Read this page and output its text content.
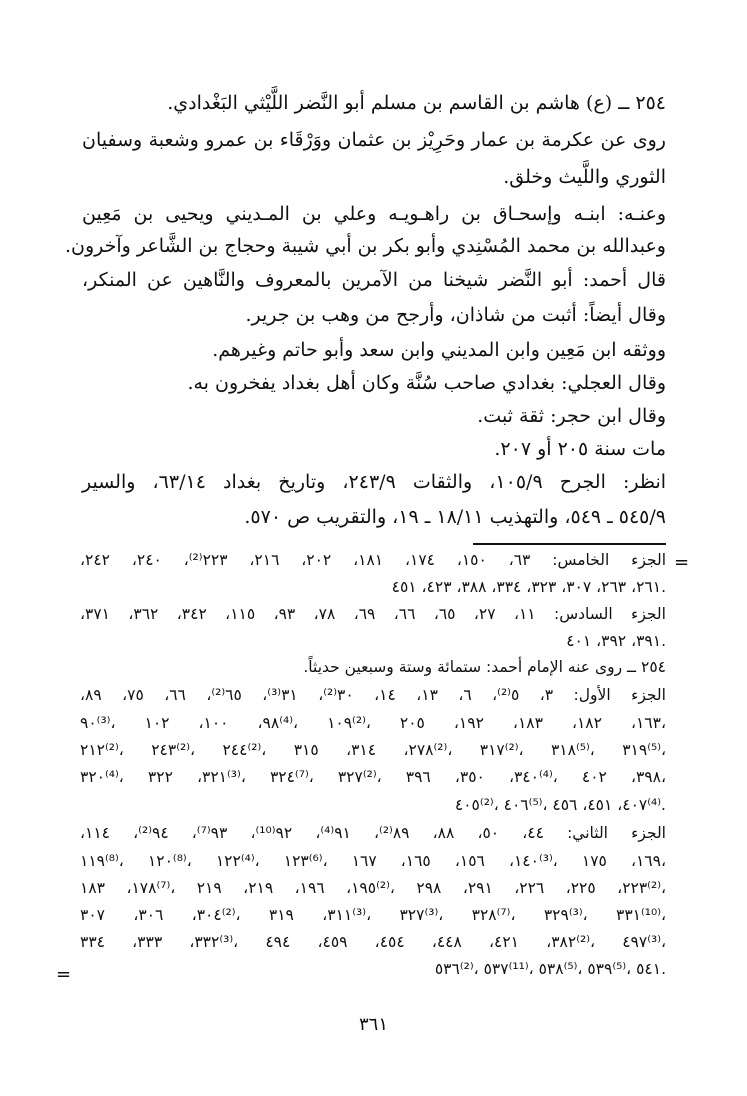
٢٥٤ ــ (ع) هاشم بن القاسم بن مسلم أبو النَّضر اللَّيْثي البَغْدادي.
روى عن عكرمة بن عمار وحَرِيْز بن عثمان ووَرْقَاء بن عمرو وشعبة وسفيان
الثوري واللَّيث وخلق.
وعنـه: ابنـه وإسحـاق بن راهـويـه وعلي بن المـديني ويحيى بن مَعِين
وعبدالله بن محمد المُسْنِدي وأبو بكر بن أبي شيبة وحجاج بن الشَّاعر وآخرون.
قال أحمد: أبو النَّضر شيخنا من الآمرين بالمعروف والنَّاهين عن المنكر،
وقال أيضاً: أثبت من شاذان، وأرجح من وهب بن جرير.
ووثقه ابن مَعِين وابن المديني وابن سعد وأبو حاتم وغيرهم.
وقال العجلي: بغدادي صاحب سُنَّة وكان أهل بغداد يفخرون به.
وقال ابن حجر: ثقة ثبت.
مات سنة ٢٠٥ أو ٢٠٧.
انظر: الجرح ١٠٥/٩، والثقات ٢٤٣/٩، وتاريخ بغداد ٦٣/١٤، والسير
٥٤٥/٩ ـ ٥٤٩، والتهذيب ١٨/١١ ـ ١٩، والتقريب ص ٥٧٠.
=
الجزء الخامس: ٦٣، ١٥٠، ١٧٤، ١٨١، ٢٠٢، ٢١٦، ٢٢٣⁽²⁾، ٢٤٠، ٢٤٢،
٢٦١، ٢٦٣، ٣٠٧، ٣٢٣، ٣٣٤، ٣٨٨، ٤٢٣، ٤٥١.
الجزء السادس: ١١، ٢٧، ٦٥، ٦٦، ٦٩، ٧٨، ٩٣، ١١٥، ٣٤٢، ٣٦٢، ٣٧١،
٣٩١، ٣٩٢، ٤٠١.
٢٥٤ ــ روى عنه الإمام أحمد: ستمائة وستة وسبعين حديثاً.
الجزء الأول: ٣، ٥⁽²⁾، ٦، ١٣، ١٤، ٣٠⁽²⁾، ٣١⁽³⁾، ٦٥⁽²⁾، ٦٦، ٧٥، ٨٩،
٩٠⁽³⁾، ٩٨، ١٠٠، ١٠٢⁽⁴⁾، ١٠٩⁽²⁾، ١٦٣، ١٨٢، ١٨٣، ١٩٢، ٢٠٥،
٢١٢⁽²⁾، ٢٤٣⁽²⁾، ٢٤٤⁽²⁾، ٢٧٨، ٣١٤، ٣١٥⁽²⁾، ٣١٧⁽²⁾، ٣١٨⁽⁵⁾، ٣١٩⁽⁵⁾،
٣٢٠⁽⁴⁾، ٣٢١، ٣٢٢⁽³⁾، ٣٢٤⁽⁷⁾، ٣٢٧⁽²⁾، ٣٤٠، ٣٥٠، ٣٩٦⁽⁴⁾، ٣٩٨، ٤٠٢،
٤٠٥⁽²⁾، ٤٠٦⁽⁵⁾، ٤٠٧، ٤٥١، ٤٥٦⁽⁴⁾.
الجزء الثاني: ٤٤، ٥٠، ٨٨، ٨٩⁽²⁾، ٩١⁽⁴⁾، ٩٢⁽¹⁰⁾، ٩٣⁽⁷⁾، ٩٤⁽²⁾، ١١٤،
١١٩⁽⁸⁾، ١٢٠⁽⁸⁾، ١٢٢⁽⁴⁾، ١٢٣⁽⁶⁾، ١٤٠، ١٥٦، ١٦٥، ١٦٧⁽³⁾، ١٦٩، ١٧٥،
١٧٨، ١٨٣⁽⁷⁾، ١٩٥، ١٩٦، ٢١٩، ٢١٩⁽²⁾، ٢٢٣، ٢٢٥، ٢٢٦، ٢٩١، ٢٩٨⁽²⁾،
٣٠٤، ٣٠٦، ٣٠٧⁽²⁾، ٣١١، ٣١٩⁽³⁾، ٣٢٧⁽³⁾، ٣٢٨⁽⁷⁾، ٣٢٩⁽³⁾، ٣٣١⁽¹⁰⁾،
٣٣٢، ٣٣٣، ٣٣٤⁽³⁾، ٣٨٢، ٤٢١، ٤٤٨، ٤٥٤، ٤٥٩، ٤٩٤⁽²⁾، ٤٩٧⁽³⁾،
٥٣٦⁽²⁾، ٥٣٧⁽¹¹⁾، ٥٣٨⁽⁵⁾، ٥٣٩⁽⁵⁾، ٥٤١.
=
٣٦١
